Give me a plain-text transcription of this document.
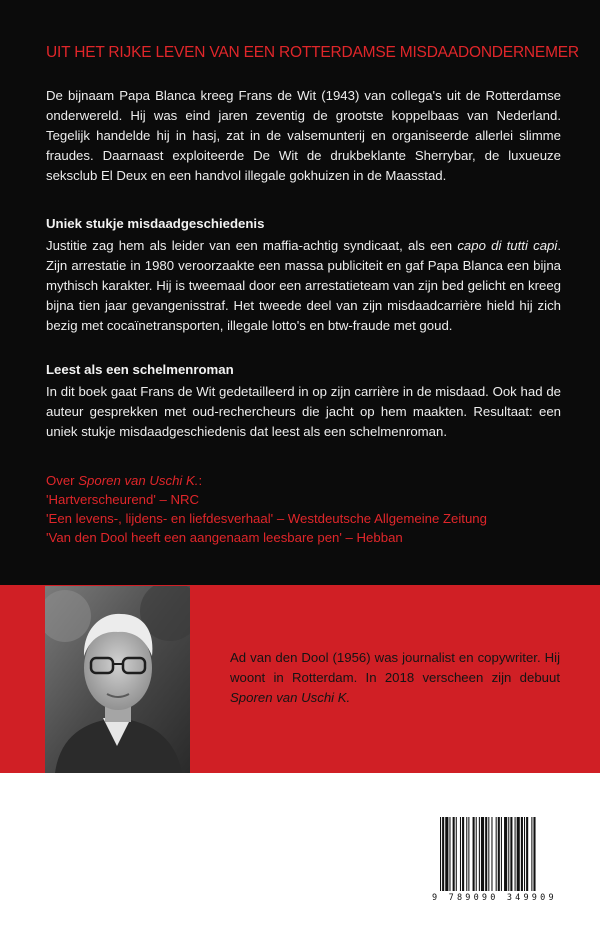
UIT HET RIJKE LEVEN VAN EEN ROTTERDAMSE MISDAADONDERNEMER

De bijnaam Papa Blanca kreeg Frans de Wit (1943) van collega's uit de Rotterdamse onderwereld. Hij was eind jaren zeventig de grootste koppelbaas van Nederland. Tegelijk handelde hij in hasj, zat in de valsemunterij en organiseerde allerlei slimme fraudes. Daarnaast exploiteerde De Wit de drukbeklante Sherrybar, de luxueuze seksclub El Deux en een handvol illegale gokhuizen in de Maasstad.

Uniek stukje misdaadgeschiedenis

Justitie zag hem als leider van een maffia-achtig syndicaat, als een capo di tutti capi. Zijn arrestatie in 1980 veroorzaakte een massa publiciteit en gaf Papa Blanca een bijna mythisch karakter. Hij is tweemaal door een arrestatieteam van zijn bed gelicht en kreeg bijna tien jaar gevangenisstraf. Het tweede deel van zijn misdaadcarrière hield hij zich bezig met cocaïnetransporten, illegale lotto's en btw-fraude met goud.

Leest als een schelmenroman

In dit boek gaat Frans de Wit gedetailleerd in op zijn carrière in de misdaad. Ook had de auteur gesprekken met oud-rechercheurs die jacht op hem maakten. Resultaat: een uniek stukje misdaadgeschiedenis dat leest als een schelmenroman.

Over Sporen van Uschi K.:
'Hartverscheurend' – NRC
'Een levens-, lijdens- en liefdesverhaal' – Westdeutsche Allgemeine Zeitung
'Van den Dool heeft een aangenaam leesbare pen' – Hebban

Ad van den Dool (1956) was journalist en copywriter. Hij woont in Rotterdam. In 2018 verscheen zijn debuut Sporen van Uschi K.

9 789090 349909
